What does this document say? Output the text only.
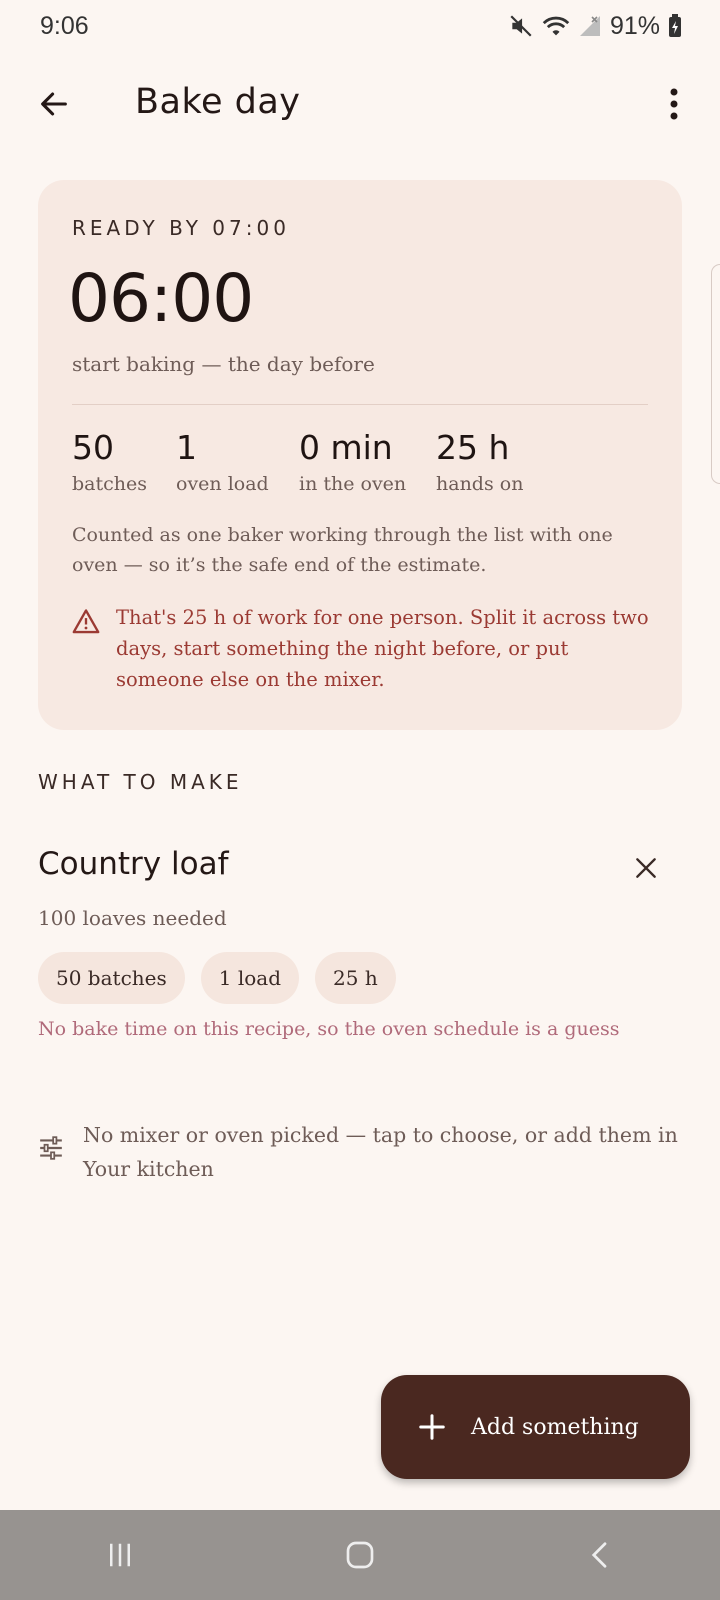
9:06	91%
Bake day
READY BY 07:00
06:00
start baking — the day before
50
batches
1
oven load
0 min
in the oven
25 h
hands on
Counted as one baker working through the list with one oven — so it’s the safe end of the estimate.
That's 25 h of work for one person. Split it across two days, start something the night before, or put someone else on the mixer.
WHAT TO MAKE
Country loaf
100 loaves needed
50 batches	1 load	25 h
No bake time on this recipe, so the oven schedule is a guess
No mixer or oven picked — tap to choose, or add them in Your kitchen
Add something
